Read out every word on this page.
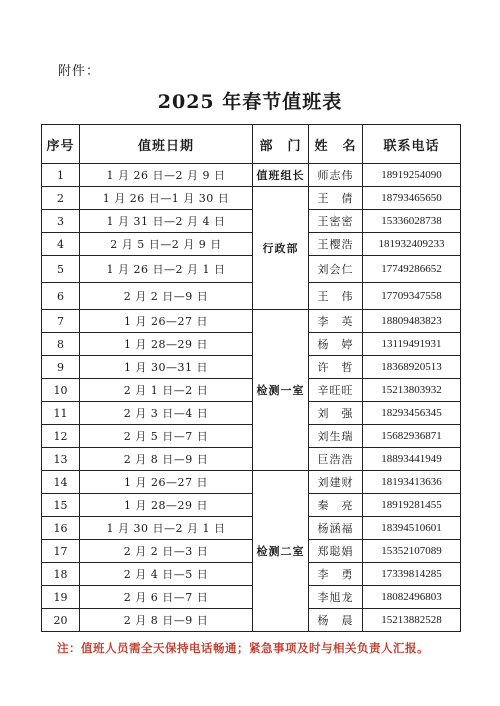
附件：
2025 年春节值班表
序号	值班日期	部　门	姓　名	联系电话
1	1 月 26 日—2 月 9 日	值班组长	师志伟	18919254090
2	1 月 26 日—1 月 30 日	行政部	王　倩	18793465650
3	1 月 31 日—2 月 4 日		王密密	15336028738
4	2 月 5 日—2 月 9 日		王樱浩	181932409233
5	1 月 26 日—2 月 1 日		刘会仁	17749286652
6	2 月 2 日—9 日		王　伟	17709347558
7	1 月 26—27 日	检测一室	李　英	18809483823
8	1 月 28—29 日		杨　婷	13119491931
9	1 月 30—31 日		许　哲	18368920513
10	2 月 1 日—2 日		辛旺旺	15213803932
11	2 月 3 日—4 日		刘　强	18293456345
12	2 月 5 日—7 日		刘生瑞	15682936871
13	2 月 8 日—9 日		巨浩浩	18893441949
14	1 月 26—27 日	检测二室	刘建财	18193413636
15	1 月 28—29 日		秦　亮	18919281455
16	1 月 30 日—2 月 1 日		杨涵福	18394510601
17	2 月 2 日—3 日		郑聪娟	15352107089
18	2 月 4 日—5 日		李　勇	17339814285
19	2 月 6 日—7 日		李旭龙	18082496803
20	2 月 8 日—9 日		杨　晨	15213882528
注：值班人员需全天保持电话畅通；紧急事项及时与相关负责人汇报。
